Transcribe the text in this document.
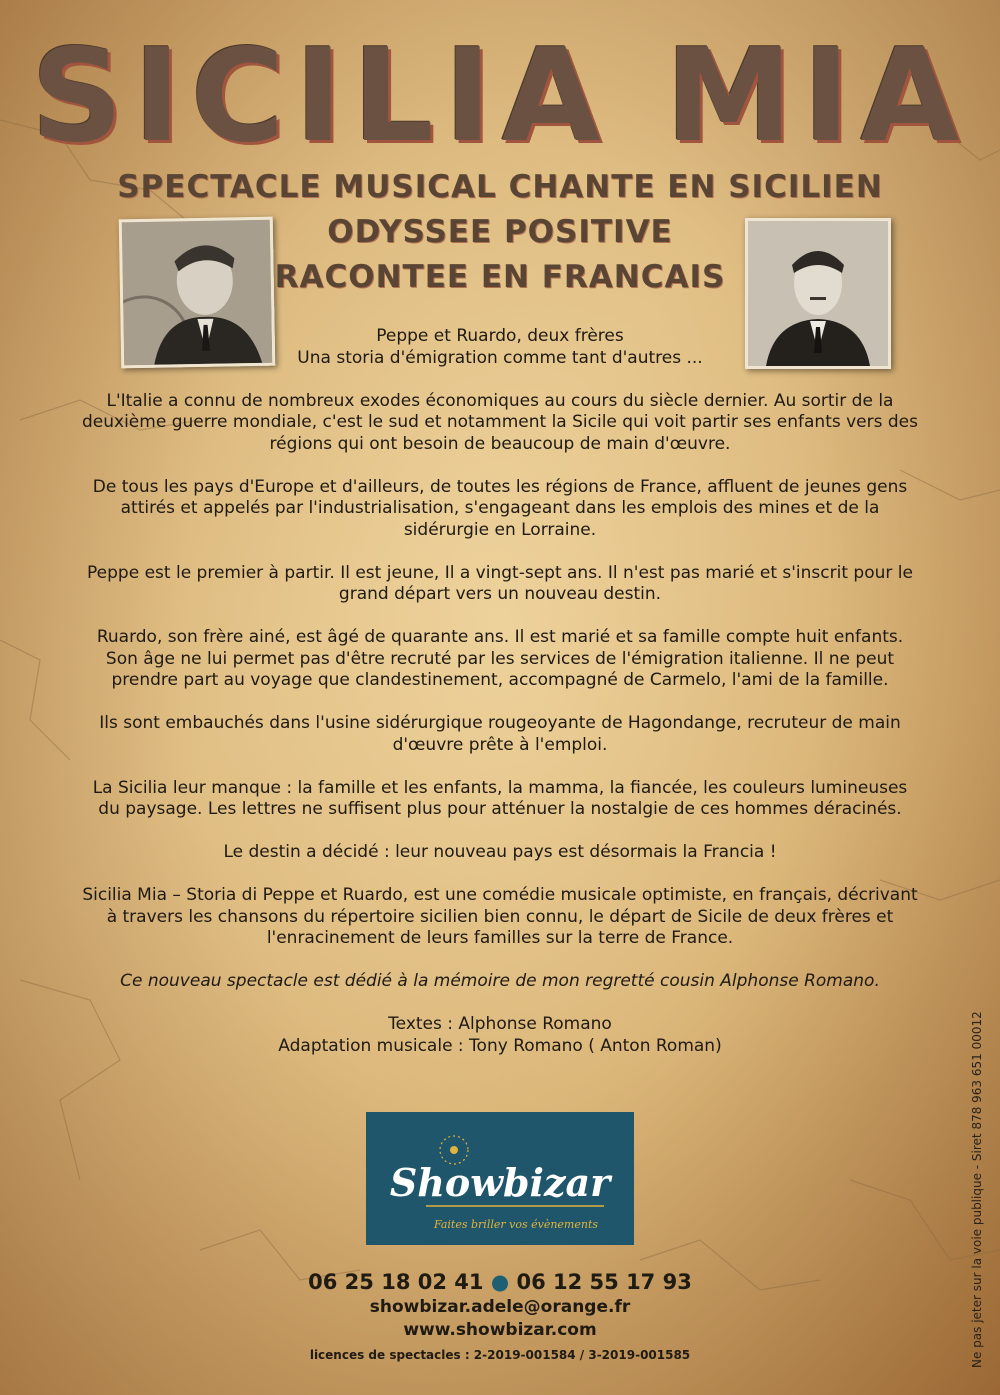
SICILIA MIA
SPECTACLE MUSICAL CHANTE EN SICILIEN
ODYSSEE POSITIVE
RACONTEE EN FRANCAIS

Peppe et Ruardo, deux frères
Una storia d'émigration comme tant d'autres ...

L'Italie a connu de nombreux exodes économiques au cours du siècle dernier. Au sortir de la deuxième guerre mondiale, c'est le sud et notamment la Sicile qui voit partir ses enfants vers des régions qui ont besoin de beaucoup de main d'œuvre.

De tous les pays d'Europe et d'ailleurs, de toutes les régions de France, affluent de jeunes gens attirés et appelés par l'industrialisation, s'engageant dans les emplois des mines et de la sidérurgie en Lorraine.

Peppe est le premier à partir. Il est jeune, Il a vingt-sept ans. Il n'est pas marié et s'inscrit pour le grand départ vers un nouveau destin.

Ruardo, son frère ainé, est âgé de quarante ans. Il est marié et sa famille compte huit enfants. Son âge ne lui permet pas d'être recruté par les services de l'émigration italienne. Il ne peut prendre part au voyage que clandestinement, accompagné de Carmelo, l'ami de la famille.

Ils sont embauchés dans l'usine sidérurgique rougeoyante de Hagondange, recruteur de main d'œuvre prête à l'emploi.

La Sicilia leur manque : la famille et les enfants, la mamma, la fiancée, les couleurs lumineuses du paysage. Les lettres ne suffisent plus pour atténuer la nostalgie de ces hommes déracinés.

Le destin a décidé : leur nouveau pays est désormais la Francia !

Sicilia Mia – Storia di Peppe et Ruardo, est une comédie musicale optimiste, en français, décrivant à travers les chansons du répertoire sicilien bien connu, le départ de Sicile de deux frères et l'enracinement de leurs familles sur la terre de France.

Ce nouveau spectacle est dédié à la mémoire de mon regretté cousin Alphonse Romano.

Textes : Alphonse Romano
Adaptation musicale : Tony Romano ( Anton Roman)

Showbizar
Faites briller vos évènements

06 25 18 02 41 ● 06 12 55 17 93

showbizar.adele@orange.fr

www.showbizar.com

licences de spectacles : 2-2019-001584 / 3-2019-001585	Ne pas jeter sur la voie publique - Siret 878 963 651 00012
